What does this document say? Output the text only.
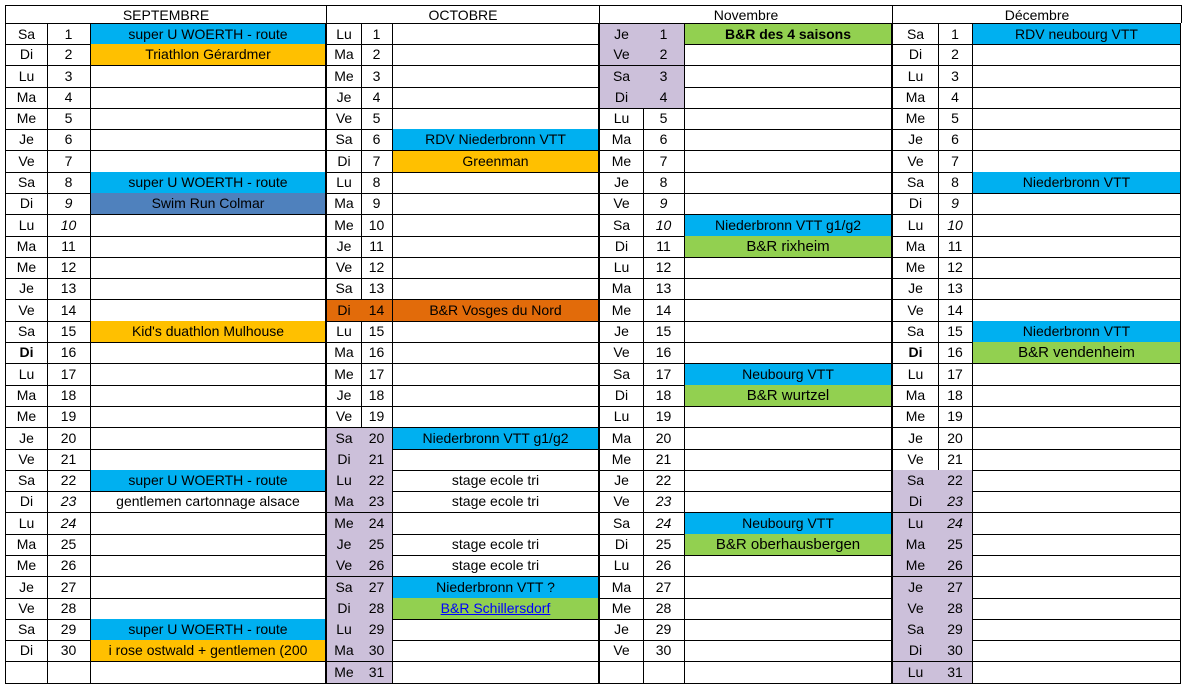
SEPTEMBRE
Sa	1	super U WOERTH - route
Di	2	Triathlon Gérardmer
Lu	3
Ma	4
Me	5
Je	6
Ve	7
Sa	8	super U WOERTH - route
Di	9	Swim Run Colmar
Lu	10
Ma	11
Me	12
Je	13
Ve	14
Sa	15	Kid's duathlon Mulhouse
Di	16
Lu	17
Ma	18
Me	19
Je	20
Ve	21
Sa	22	super U WOERTH - route
Di	23	gentlemen cartonnage alsace
Lu	24
Ma	25
Me	26
Je	27
Ve	28
Sa	29	super U WOERTH - route
Di	30	i rose ostwald + gentlemen (200
OCTOBRE
Lu	1
Ma	2
Me	3
Je	4
Ve	5
Sa	6	RDV Niederbronn VTT
Di	7	Greenman
Lu	8
Ma	9
Me	10
Je	11
Ve	12
Sa	13
Di	14	B&R Vosges du Nord
Lu	15
Ma	16
Me	17
Je	18
Ve	19
Sa	20	Niederbronn VTT g1/g2
Di	21
Lu	22	stage ecole tri
Ma	23	stage ecole tri
Me	24
Je	25	stage ecole tri
Ve	26	stage ecole tri
Sa	27	Niederbronn VTT ?
Di	28	B&R Schillersdorf
Lu	29
Ma	30
Me	31
Novembre
Je	1	B&R des 4 saisons
Ve	2
Sa	3
Di	4
Lu	5
Ma	6
Me	7
Je	8
Ve	9
Sa	10	Niederbronn VTT g1/g2
Di	11	B&R rixheim
Lu	12
Ma	13
Me	14
Je	15
Ve	16
Sa	17	Neubourg VTT
Di	18	B&R wurtzel
Lu	19
Ma	20
Me	21
Je	22
Ve	23
Sa	24	Neubourg VTT
Di	25	B&R oberhausbergen
Lu	26
Ma	27
Me	28
Je	29
Ve	30
Décembre
Sa	1	RDV neubourg VTT
Di	2
Lu	3
Ma	4
Me	5
Je	6
Ve	7
Sa	8	Niederbronn VTT
Di	9
Lu	10
Ma	11
Me	12
Je	13
Ve	14
Sa	15	Niederbronn VTT
Di	16	B&R vendenheim
Lu	17
Ma	18
Me	19
Je	20
Ve	21
Sa	22
Di	23
Lu	24
Ma	25
Me	26
Je	27
Ve	28
Sa	29
Di	30
Lu	31
